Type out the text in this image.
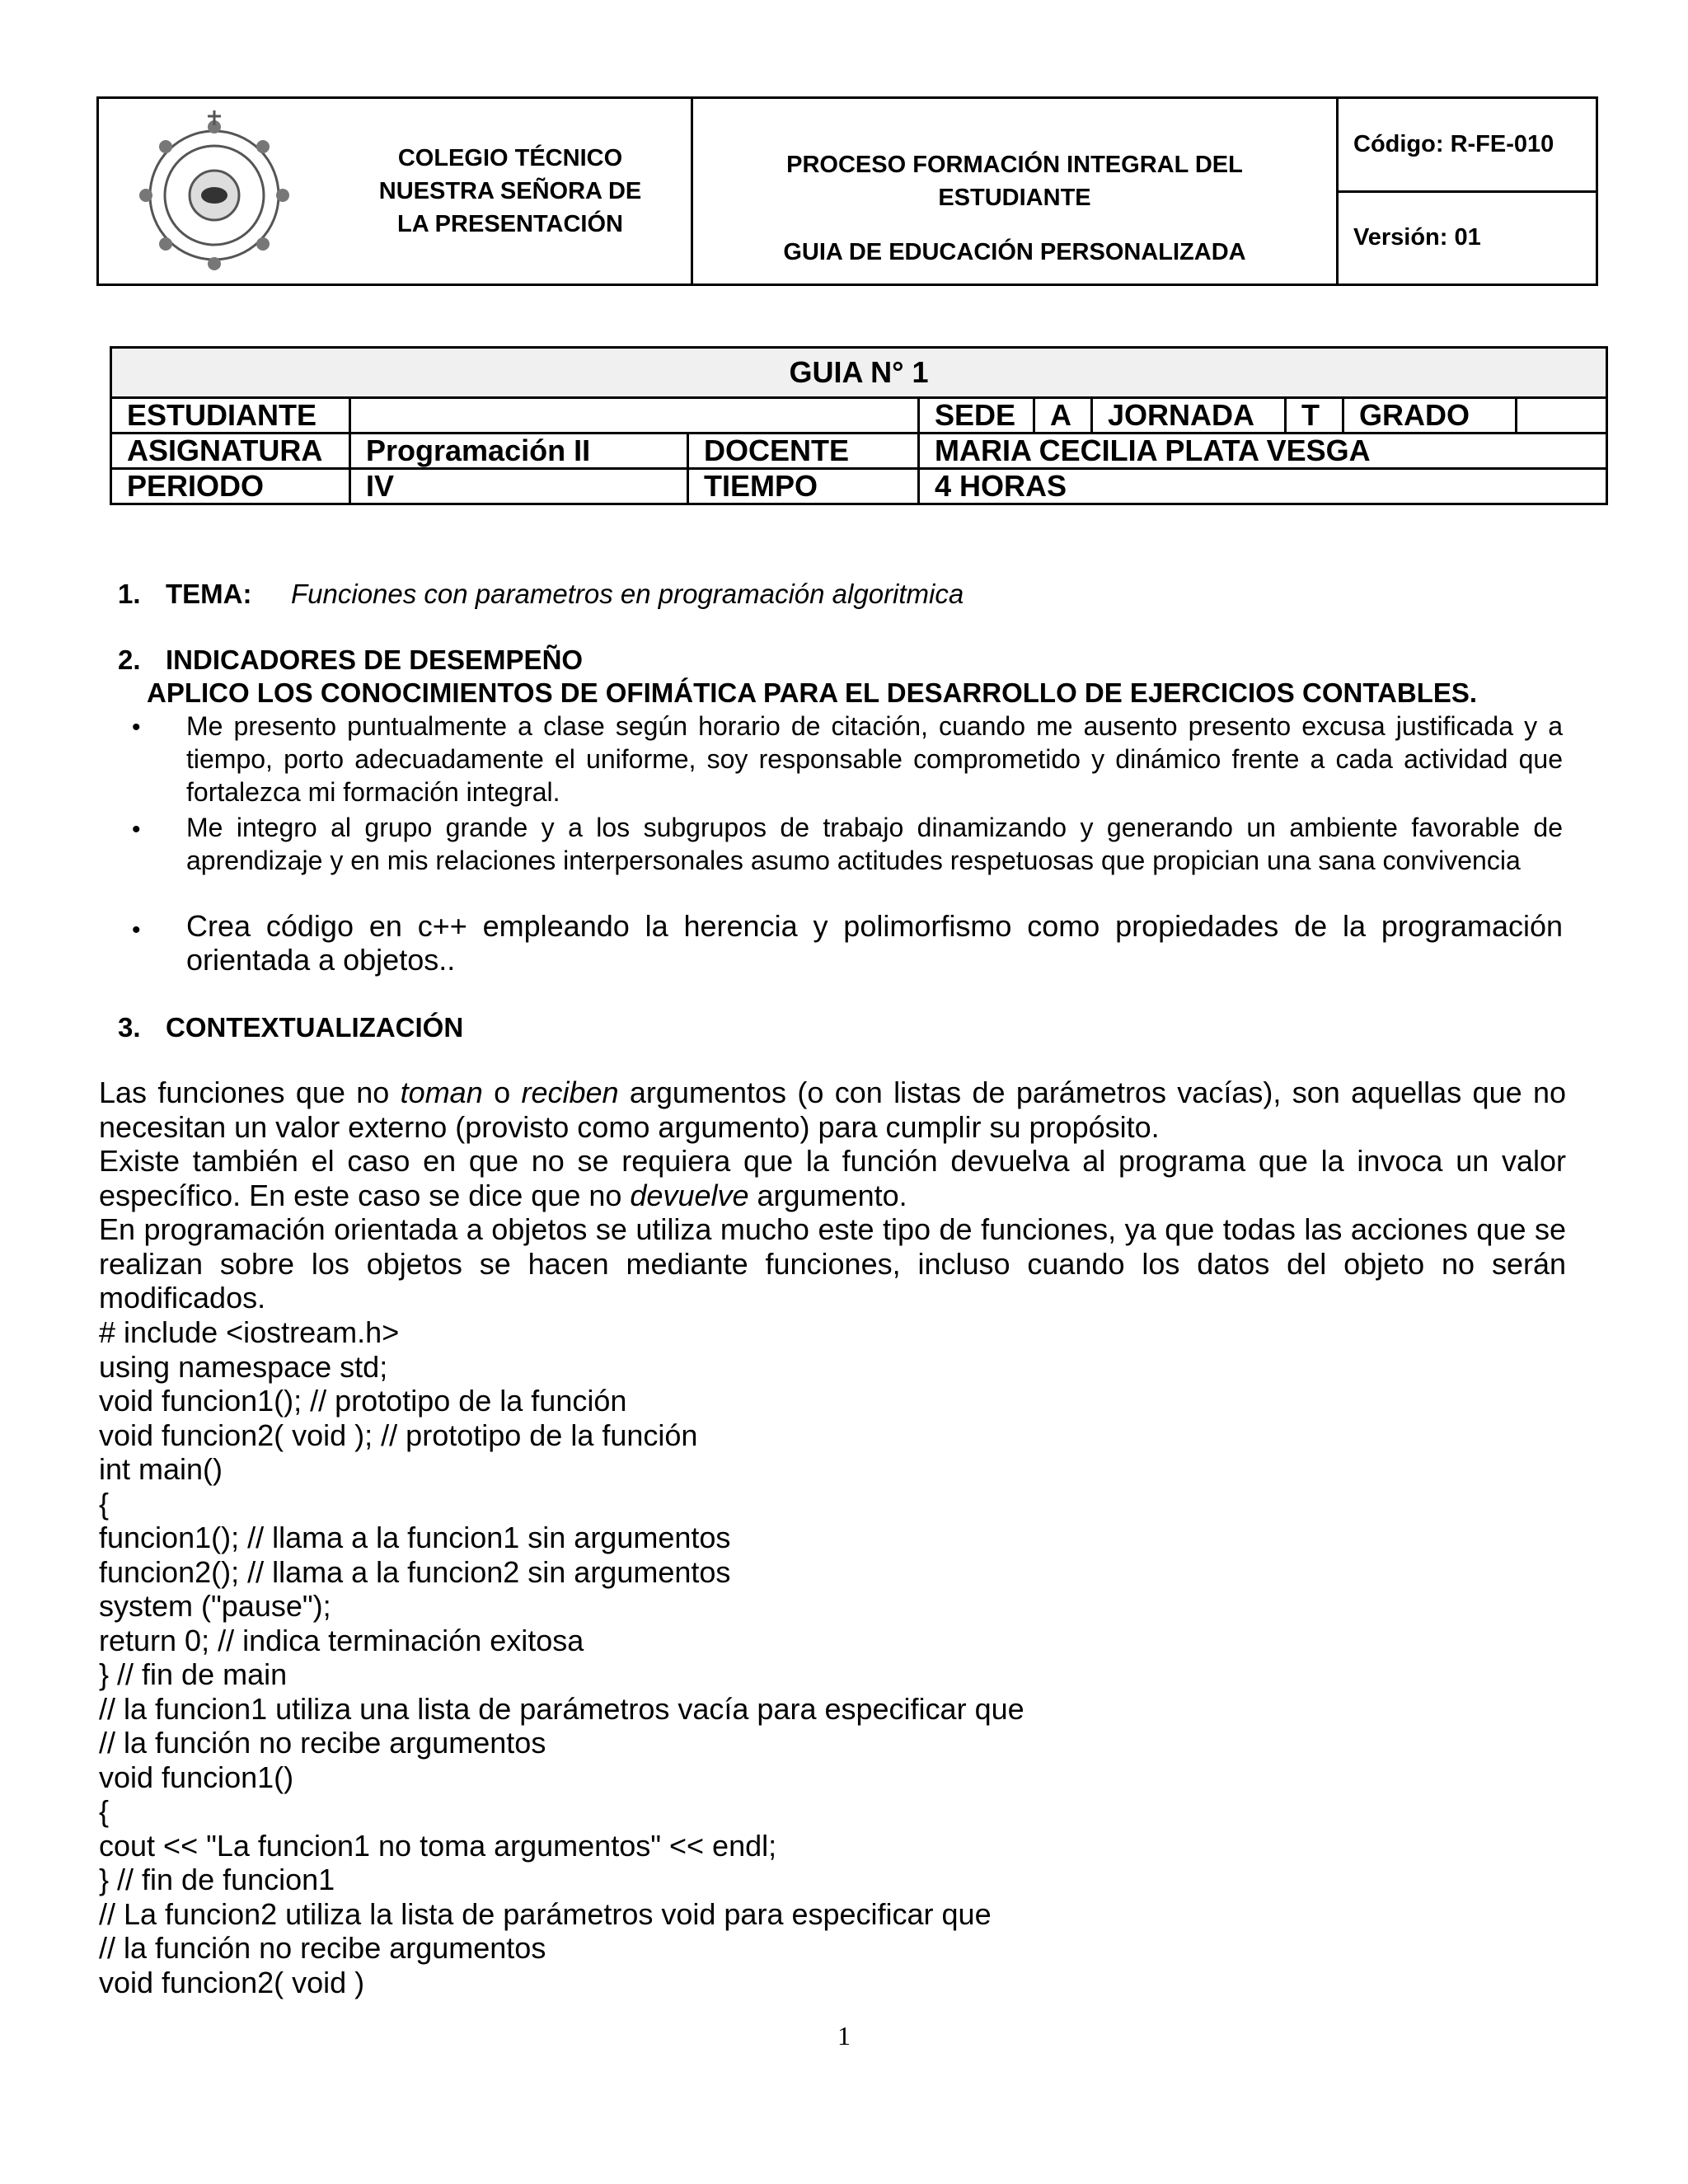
COLEGIO TÉCNICO
NUESTRA SEÑORA DE
LA PRESENTACIÓN
PROCESO FORMACIÓN INTEGRAL DEL
ESTUDIANTE
GUIA DE EDUCACIÓN PERSONALIZADA
Código: R-FE-010
Versión: 01
GUIA N° 1								
ESTUDIANTE			SEDE	A	JORNADA	T	GRADO	
ASIGNATURA	Programación II	DOCENTE	MARIA CECILIA PLATA VESGA					
PERIODO	IV	TIEMPO	4 HORAS					
1. TEMA: Funciones con parametros en programación algoritmica
2. INDICADORES DE DESEMPEÑO
APLICO LOS CONOCIMIENTOS DE OFIMÁTICA PARA EL DESARROLLO DE EJERCICIOS CONTABLES.
• Me presento puntualmente a clase según horario de citación, cuando me ausento presento excusa justificada y a tiempo, porto adecuadamente el uniforme, soy responsable comprometido y dinámico frente a cada actividad que fortalezca mi formación integral.
• Me integro al grupo grande y a los subgrupos de trabajo dinamizando y generando un ambiente favorable de aprendizaje y en mis relaciones interpersonales asumo actitudes respetuosas que propician una sana convivencia
• Crea código en c++ empleando la herencia y polimorfismo como propiedades de la programación orientada a objetos..
3. CONTEXTUALIZACIÓN
Las funciones que no toman o reciben argumentos (o con listas de parámetros vacías), son aquellas que no necesitan un valor externo (provisto como argumento) para cumplir su propósito.
Existe también el caso en que no se requiera que la función devuelva al programa que la invoca un valor específico. En este caso se dice que no devuelve argumento.
En programación orientada a objetos se utiliza mucho este tipo de funciones, ya que todas las acciones que se realizan sobre los objetos se hacen mediante funciones, incluso cuando los datos del objeto no serán modificados.
# include <iostream.h>
using namespace std;
void funcion1(); // prototipo de la función
void funcion2( void ); // prototipo de la función
int main()
{
funcion1(); // llama a la funcion1 sin argumentos
funcion2(); // llama a la funcion2 sin argumentos
system ("pause");
return 0; // indica terminación exitosa
} // fin de main
// la funcion1 utiliza una lista de parámetros vacía para especificar que
// la función no recibe argumentos
void funcion1()
{
cout << "La funcion1 no toma argumentos" << endl;
} // fin de funcion1
// La funcion2 utiliza la lista de parámetros void para especificar que
// la función no recibe argumentos
void funcion2( void )
1
